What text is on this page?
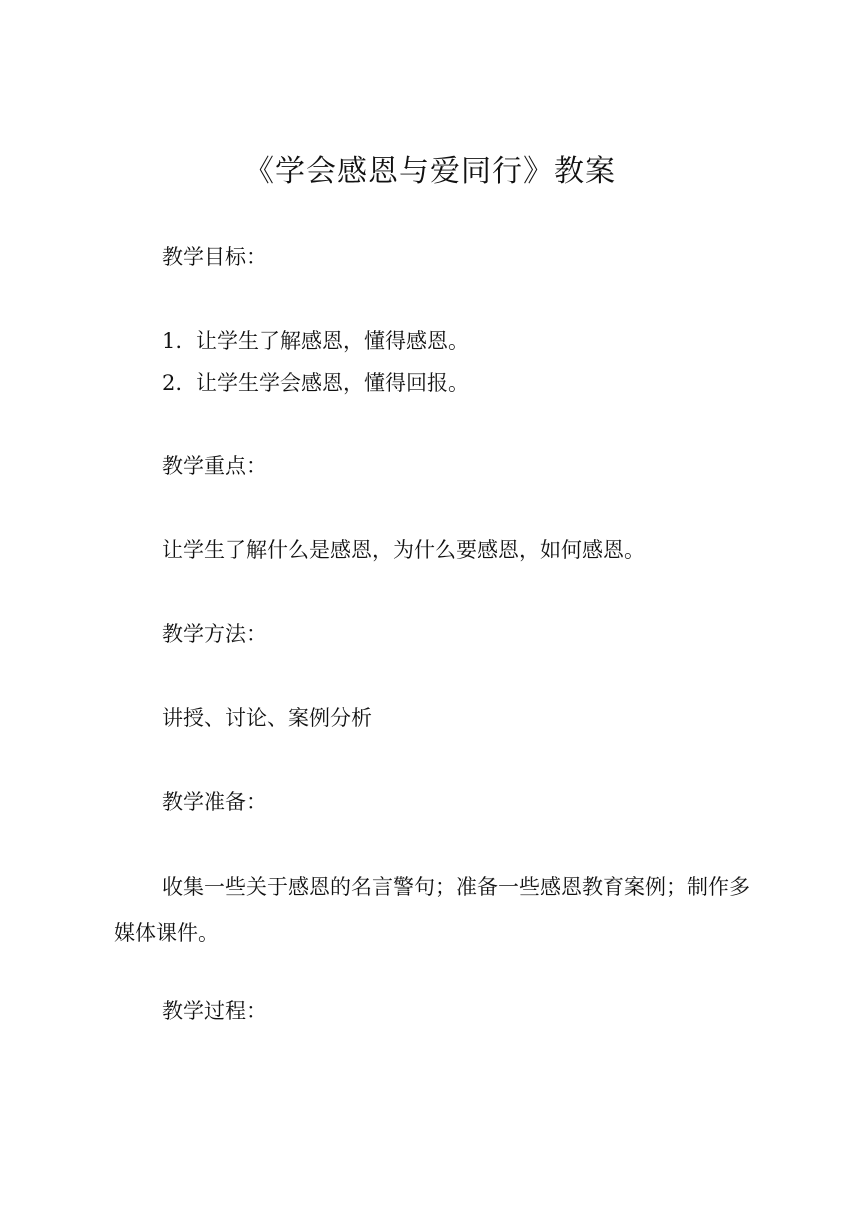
《学会感恩与爱同行》教案
教学目标：
1. 让学生了解感恩，懂得感恩。
2. 让学生学会感恩，懂得回报。
教学重点：
让学生了解什么是感恩，为什么要感恩，如何感恩。
教学方法：
讲授、讨论、案例分析
教学准备：
收集一些关于感恩的名言警句；准备一些感恩教育案例；制作多媒体课件。
教学过程：
